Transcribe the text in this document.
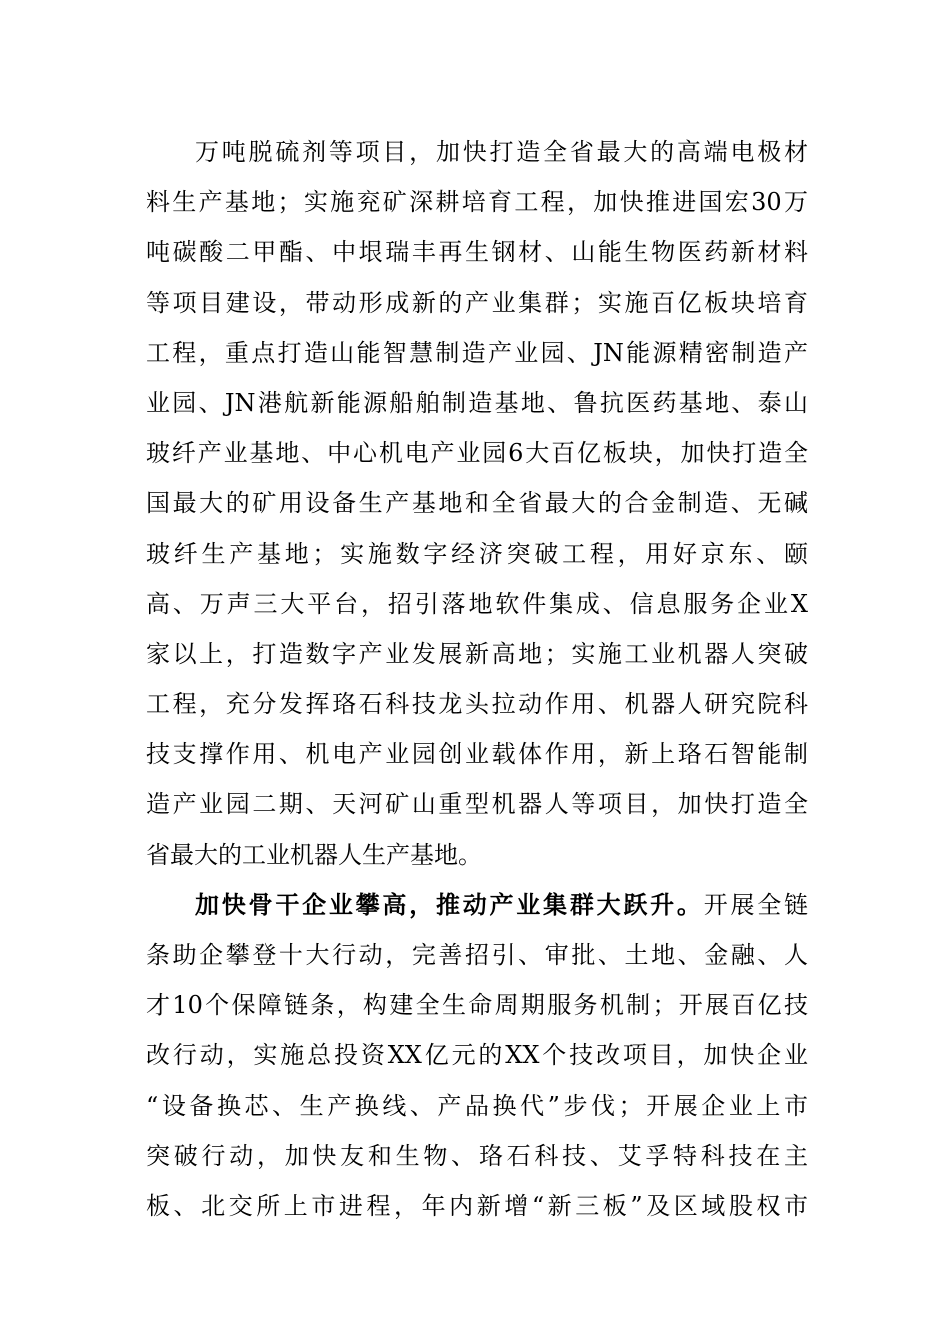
万吨脱硫剂等项目，加快打造全省最大的高端电极材
料生产基地；实施兖矿深耕培育工程，加快推进国宏30万
吨碳酸二甲酯、中垠瑞丰再生钢材、山能生物医药新材料
等项目建设，带动形成新的产业集群；实施百亿板块培育
工程，重点打造山能智慧制造产业园、JN能源精密制造产
业园、JN港航新能源船舶制造基地、鲁抗医药基地、泰山
玻纤产业基地、中心机电产业园6大百亿板块，加快打造全
国最大的矿用设备生产基地和全省最大的合金制造、无碱
玻纤生产基地；实施数字经济突破工程，用好京东、颐
高、万声三大平台，招引落地软件集成、信息服务企业X
家以上，打造数字产业发展新高地；实施工业机器人突破
工程，充分发挥珞石科技龙头拉动作用、机器人研究院科
技支撑作用、机电产业园创业载体作用，新上珞石智能制
造产业园二期、天河矿山重型机器人等项目，加快打造全
省最大的工业机器人生产基地。
加快骨干企业攀高，推动产业集群大跃升。开展全链
条助企攀登十大行动，完善招引、审批、土地、金融、人
才10个保障链条，构建全生命周期服务机制；开展百亿技
改行动，实施总投资XX亿元的XX个技改项目，加快企业
“设备换芯、生产换线、产品换代”步伐；开展企业上市
突破行动，加快友和生物、珞石科技、艾孚特科技在主
板、北交所上市进程，年内新增“新三板”及区域股权市
